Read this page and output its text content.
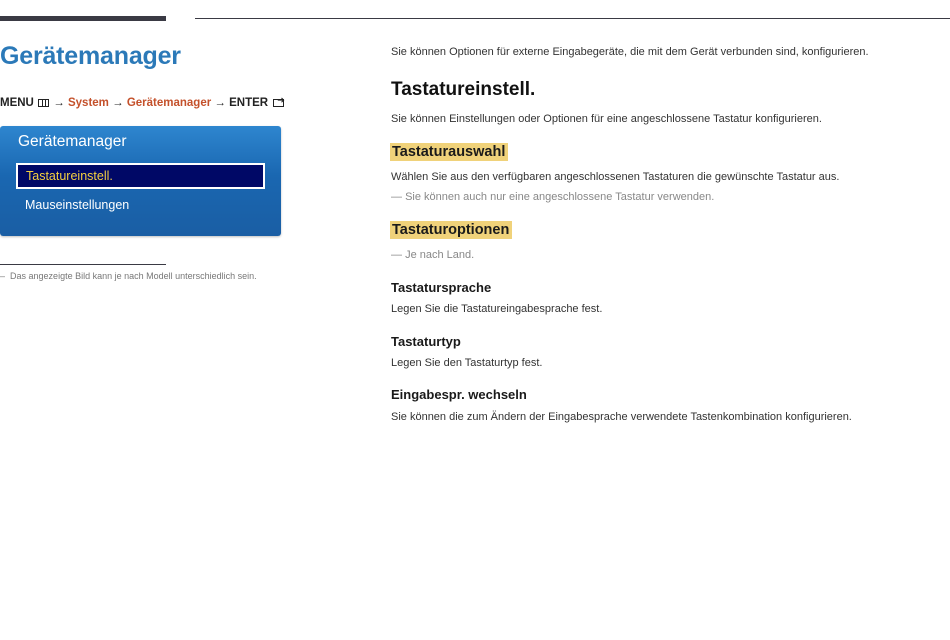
Gerätemanager
MENU → System → Gerätemanager → ENTER ➔
Gerätemanager
Tastatureinstell.
Mauseinstellungen
– Das angezeigte Bild kann je nach Modell unterschiedlich sein.
Sie können Optionen für externe Eingabegeräte, die mit dem Gerät verbunden sind, konfigurieren.
Tastatureinstell.
Sie können Einstellungen oder Optionen für eine angeschlossene Tastatur konfigurieren.
Tastaturauswahl
Wählen Sie aus den verfügbaren angeschlossenen Tastaturen die gewünschte Tastatur aus.
— Sie können auch nur eine angeschlossene Tastatur verwenden.
Tastaturoptionen
— Je nach Land.
Tastatursprache
Legen Sie die Tastatureingabesprache fest.
Tastaturtyp
Legen Sie den Tastaturtyp fest.
Eingabespr. wechseln
Sie können die zum Ändern der Eingabesprache verwendete Tastenkombination konfigurieren.
